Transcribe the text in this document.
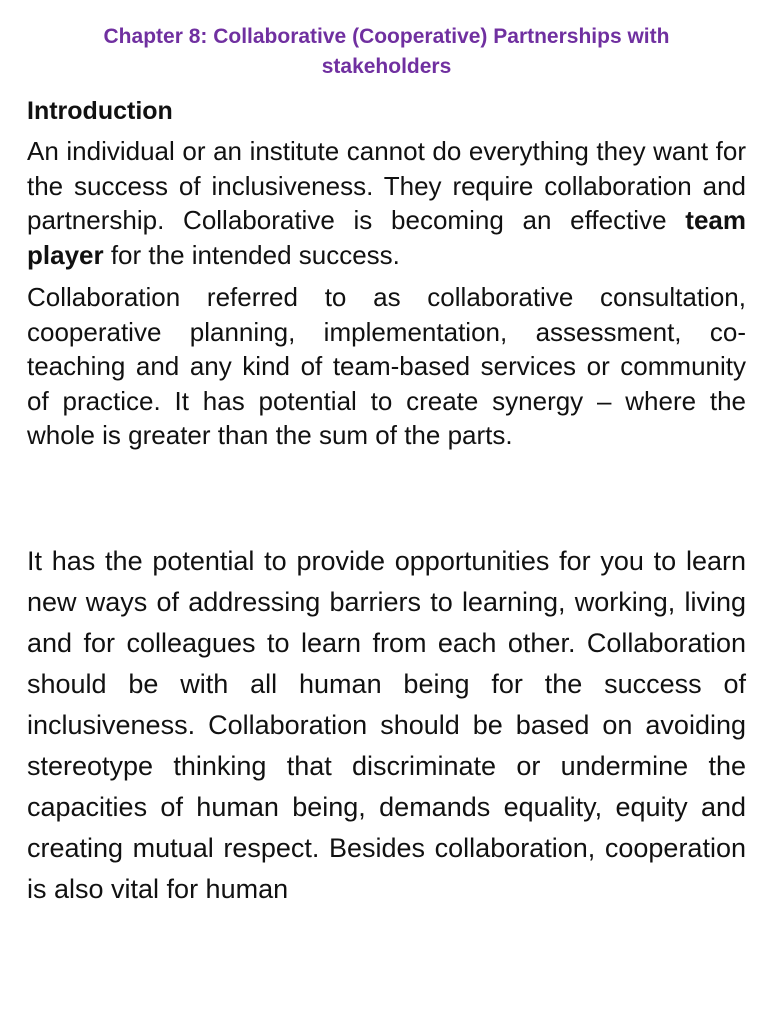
Chapter 8: Collaborative (Cooperative) Partnerships with stakeholders
Introduction

An individual or an institute cannot do everything they want for the success of inclusiveness. They require collaboration and partnership. Collaborative is becoming an effective team player for the intended success.

Collaboration referred to as collaborative consultation, cooperative planning, implementation, assessment, co-teaching and any kind of team-based services or community of practice. It has potential to create synergy – where the whole is greater than the sum of the parts.

It has the potential to provide opportunities for you to learn new ways of addressing barriers to learning, working, living and for colleagues to learn from each other. Collaboration should be with all human being for the success of inclusiveness. Collaboration should be based on avoiding stereotype thinking that discriminate or undermine the capacities of human being, demands equality, equity and creating mutual respect. Besides collaboration, cooperation is also vital for human
